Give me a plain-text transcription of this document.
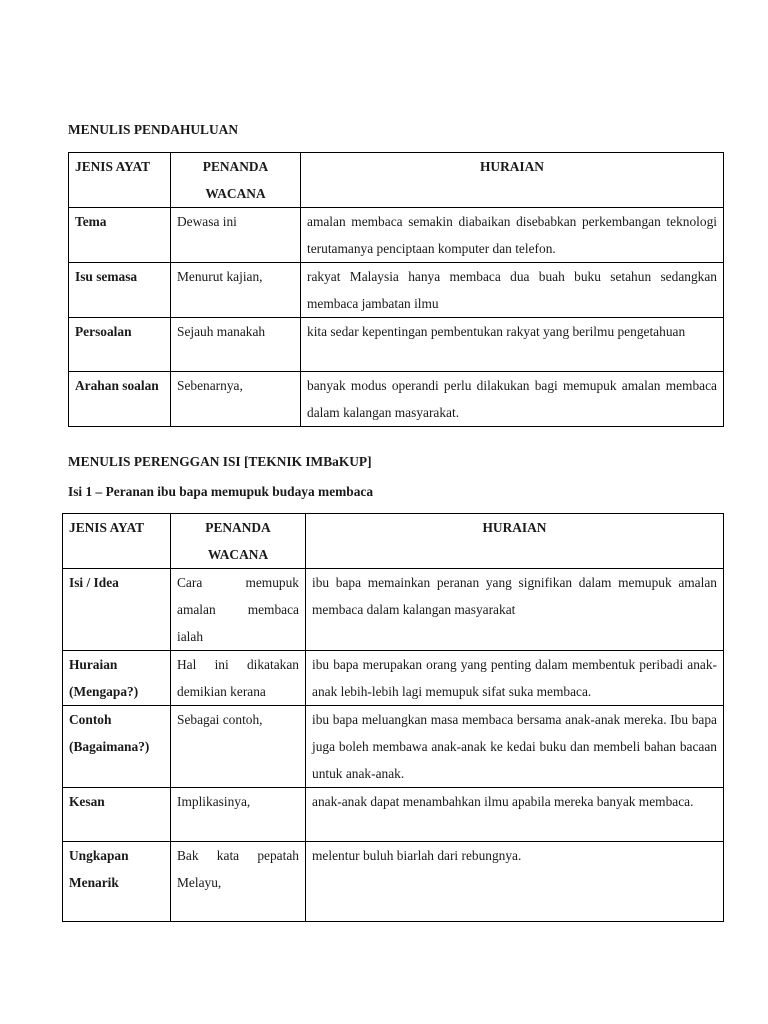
MENULIS PENDAHULUAN
JENIS AYAT	PENANDA WACANA	HURAIAN
Tema	Dewasa ini	amalan membaca semakin diabaikan disebabkan perkembangan teknologi terutamanya penciptaan komputer dan telefon.
Isu semasa	Menurut kajian,	rakyat Malaysia hanya membaca dua buah buku setahun sedangkan membaca jambatan ilmu
Persoalan	Sejauh manakah	kita sedar kepentingan pembentukan rakyat yang berilmu pengetahuan
Arahan soalan	Sebenarnya,	banyak modus operandi perlu dilakukan bagi memupuk amalan membaca dalam kalangan masyarakat.
MENULIS PERENGGAN ISI [TEKNIK IMBaKUP]
Isi 1 – Peranan ibu bapa memupuk budaya membaca
JENIS AYAT	PENANDA WACANA	HURAIAN
Isi / Idea	Cara memupuk amalan membaca ialah	ibu bapa memainkan peranan yang signifikan dalam memupuk amalan membaca dalam kalangan masyarakat
Huraian (Mengapa?)	Hal ini dikatakan demikian kerana	ibu bapa merupakan orang yang penting dalam membentuk peribadi anak-anak lebih-lebih lagi memupuk sifat suka membaca.
Contoh (Bagaimana?)	Sebagai contoh,	ibu bapa meluangkan masa membaca bersama anak-anak mereka. Ibu bapa juga boleh membawa anak-anak ke kedai buku dan membeli bahan bacaan untuk anak-anak.
Kesan	Implikasinya,	anak-anak dapat menambahkan ilmu apabila mereka banyak membaca.
Ungkapan Menarik	Bak kata pepatah Melayu,	melentur buluh biarlah dari rebungnya.
